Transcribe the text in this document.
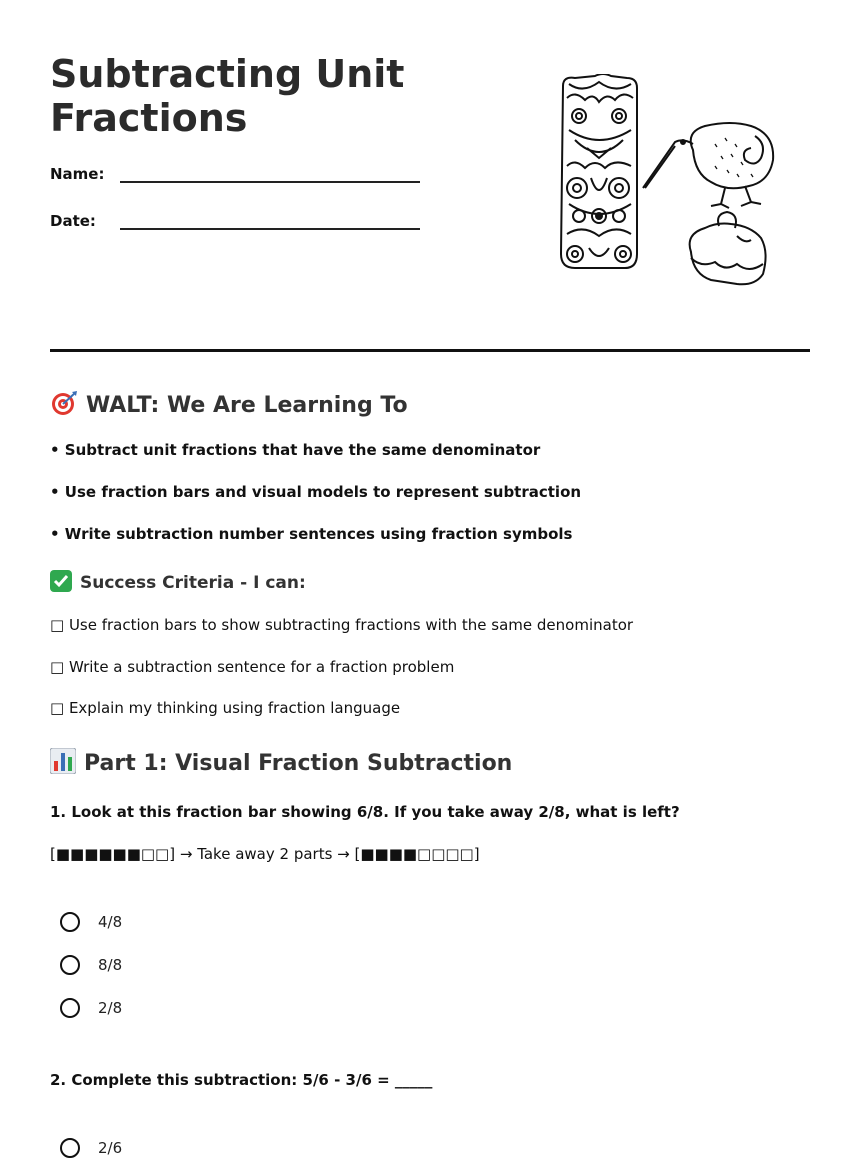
Subtracting Unit
Fractions
Name:
Date:
WALT: We Are Learning To
• Subtract unit fractions that have the same denominator
• Use fraction bars and visual models to represent subtraction
• Write subtraction number sentences using fraction symbols
Success Criteria - I can:
□ Use fraction bars to show subtracting fractions with the same denominator
□ Write a subtraction sentence for a fraction problem
□ Explain my thinking using fraction language
Part 1: Visual Fraction Subtraction
1. Look at this fraction bar showing 6/8. If you take away 2/8, what is left?
[■■■■■■□□] → Take away 2 parts → [■■■■□□□□]
4/8
8/8
2/8
2. Complete this subtraction: 5/6 - 3/6 = _____
2/6
